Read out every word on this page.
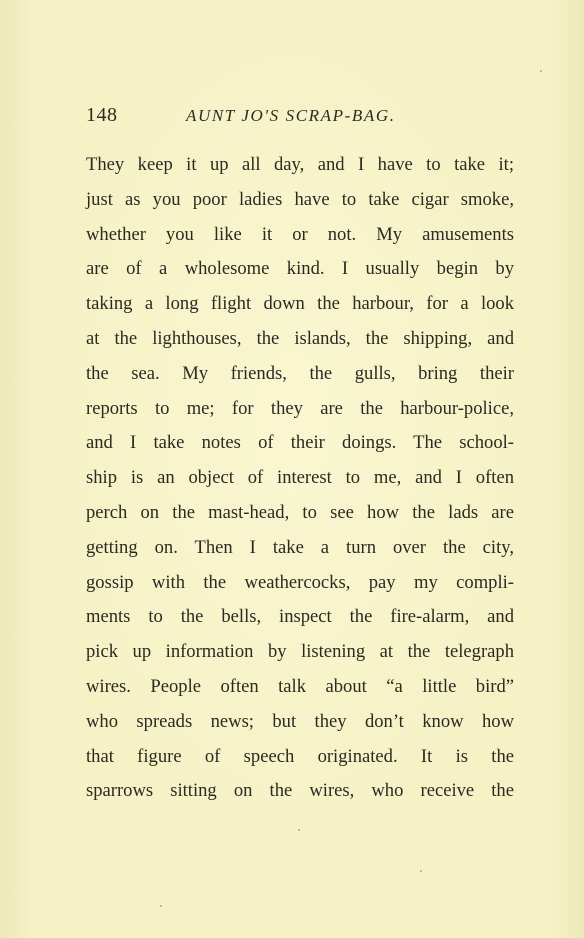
148	AUNT JO'S SCRAP-BAG.
They keep it up all day, and I have to take it;
just as you poor ladies have to take cigar smoke,
whether you like it or not. My amusements
are of a wholesome kind. I usually begin by
taking a long flight down the harbour, for a look
at the lighthouses, the islands, the shipping, and
the sea. My friends, the gulls, bring their
reports to me; for they are the harbour-police,
and I take notes of their doings. The school-
ship is an object of interest to me, and I often
perch on the mast-head, to see how the lads are
getting on. Then I take a turn over the city,
gossip with the weathercocks, pay my compli-
ments to the bells, inspect the fire-alarm, and
pick up information by listening at the telegraph
wires. People often talk about “a little bird”
who spreads news; but they don’t know how
that figure of speech originated. It is the
sparrows sitting on the wires, who receive the
